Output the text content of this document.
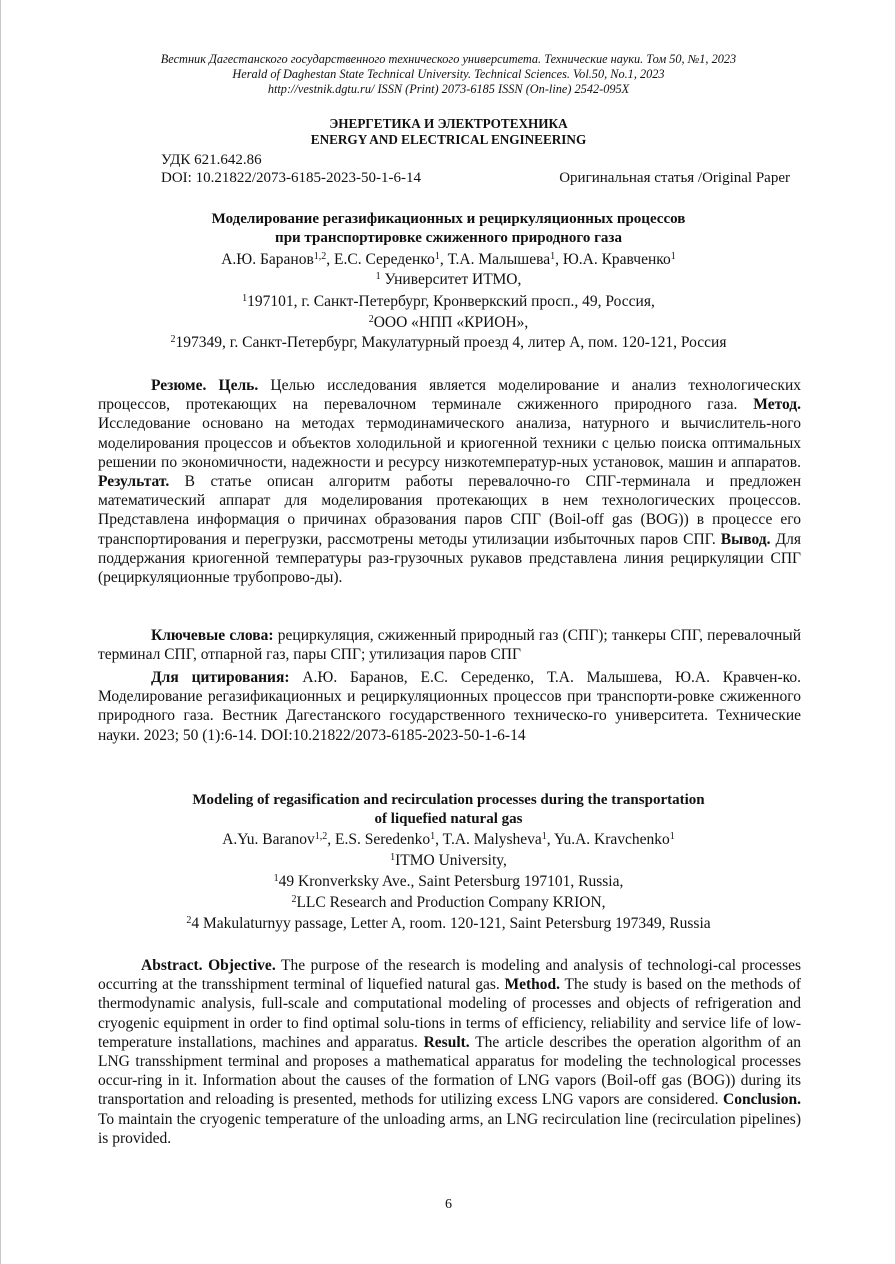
Вестник Дагестанского государственного технического университета. Технические науки. Том 50, №1, 2023
Herald of Daghestan State Technical University. Technical Sciences. Vol.50, No.1, 2023
http://vestnik.dgtu.ru/ ISSN (Print) 2073-6185 ISSN (On-line) 2542-095X
ЭНЕРГЕТИКА И ЭЛЕКТРОТЕХНИКА
ENERGY AND ELECTRICAL ENGINEERING
УДК 621.642.86
DOI: 10.21822/2073-6185-2023-50-1-6-14	Оригинальная статья /Original Paper
Моделирование регазификационных и рециркуляционных процессов
при транспортировке сжиженного природного газа
А.Ю. Баранов$^{1,2}$, Е.С. Середенко$^1$, Т.А. Малышева$^1$, Ю.А. Кравченко$^1$
$^1$ Университет ИТМО,
$^1$197101, г. Санкт-Петербург, Кронверкский просп., 49, Россия,
$^2$ООО «НПП «КРИОН»,
$^2$197349, г. Санкт-Петербург, Макулатурный проезд 4, литер А, пом. 120-121, Россия
Резюме. Цель. Целью исследования является моделирование и анализ технологических процессов, протекающих на перевалочном терминале сжиженного природного газа. Метод. Исследование основано на методах термодинамического анализа, натурного и вычислитель-ного моделирования процессов и объектов холодильной и криогенной техники с целью поиска оптимальных решении по экономичности, надежности и ресурсу низкотемператур-ных установок, машин и аппаратов. Результат. В статье описан алгоритм работы перевалочно-го СПГ-терминала и предложен математический аппарат для моделирования протекающих в нем технологических процессов. Представлена информация о причинах образования паров СПГ (Boil-off gas (BOG)) в процессе его транспортирования и перегрузки, рассмотрены методы утилизации избыточных паров СПГ. Вывод. Для поддержания криогенной температуры раз-грузочных рукавов представлена линия рециркуляции СПГ (рециркуляционные трубопрово-ды).
Ключевые слова: рециркуляция, сжиженный природный газ (СПГ); танкеры СПГ, перевалочный терминал СПГ, отпарной газ, пары СПГ; утилизация паров СПГ
Для цитирования: А.Ю. Баранов, Е.С. Середенко, Т.А. Малышева, Ю.А. Кравчен-ко. Моделирование регазификационных и рециркуляционных процессов при транспорти-ровке сжиженного природного газа. Вестник Дагестанского государственного техническо-го университета. Технические науки. 2023; 50 (1):6-14. DOI:10.21822/2073-6185-2023-50-1-6-14
Modeling of regasification and recirculation processes during the transportation
of liquefied natural gas
A.Yu. Baranov$^{1,2}$, E.S. Seredenko$^1$, T.A. Malysheva$^1$, Yu.A. Kravchenko$^1$
$^1$ITMO University,
$^1$49 Kronverksky Ave., Saint Petersburg 197101, Russia,
$^2$LLC Research and Production Company KRION,
$^2$4 Makulaturnyy passage, Letter A, room. 120-121, Saint Petersburg 197349, Russia
Abstract. Objective. The purpose of the research is modeling and analysis of technologi-cal processes occurring at the transshipment terminal of liquefied natural gas. Method. The study is based on the methods of thermodynamic analysis, full-scale and computational modeling of processes and objects of refrigeration and cryogenic equipment in order to find optimal solu-tions in terms of efficiency, reliability and service life of low-temperature installations, machines and apparatus. Result. The article describes the operation algorithm of an LNG transshipment terminal and proposes a mathematical apparatus for modeling the technological processes occur-ring in it. Information about the causes of the formation of LNG vapors (Boil-off gas (BOG)) during its transportation and reloading is presented, methods for utilizing excess LNG vapors are considered. Conclusion. To maintain the cryogenic temperature of the unloading arms, an LNG recirculation line (recirculation pipelines) is provided.
6
